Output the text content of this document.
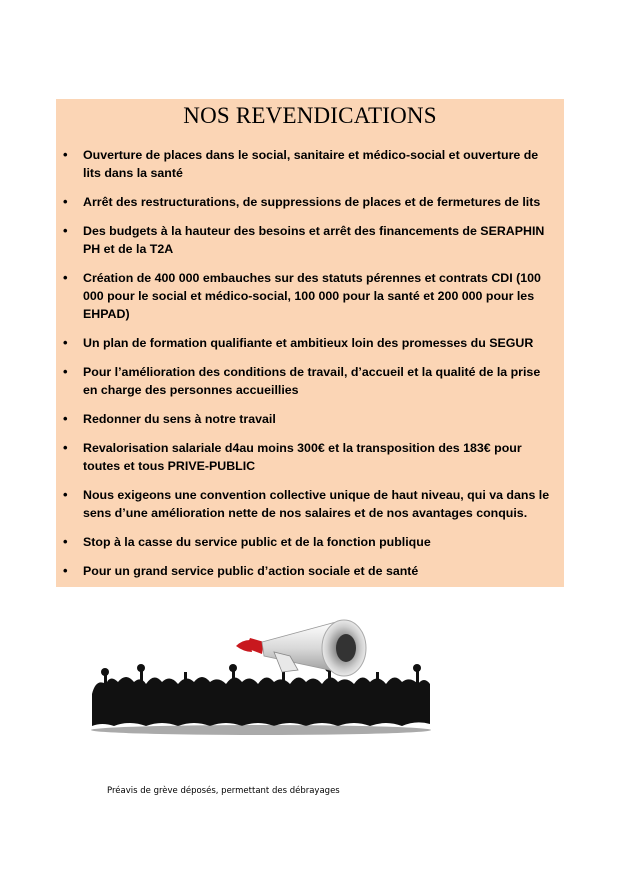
NOS REVENDICATIONS
• Ouverture de places dans le social, sanitaire et médico-social et ouverture de lits dans la santé
• Arrêt des restructurations, de suppressions de places et de fermetures de lits
• Des budgets à la hauteur des besoins et arrêt des financements de SERAPHIN PH et de la T2A
• Création de 400 000 embauches sur des statuts pérennes et contrats CDI (100 000 pour le social et médico-social, 100 000 pour la santé et 200 000 pour les EHPAD)
• Un plan de formation qualifiante et ambitieux loin des promesses du SEGUR
• Pour l’amélioration des conditions de travail, d’accueil et la qualité de la prise en charge des personnes accueillies
• Redonner du sens à notre travail
• Revalorisation salariale d4au moins 300€ et la transposition des 183€ pour toutes et tous PRIVE-PUBLIC
• Nous exigeons une convention collective unique de haut niveau, qui va dans le sens d’une amélioration nette de nos salaires et de nos avantages conquis.
• Stop à la casse du service public et de la fonction publique
• Pour un grand service public d’action sociale et de santé
Préavis de grève déposés, permettant des débrayages
